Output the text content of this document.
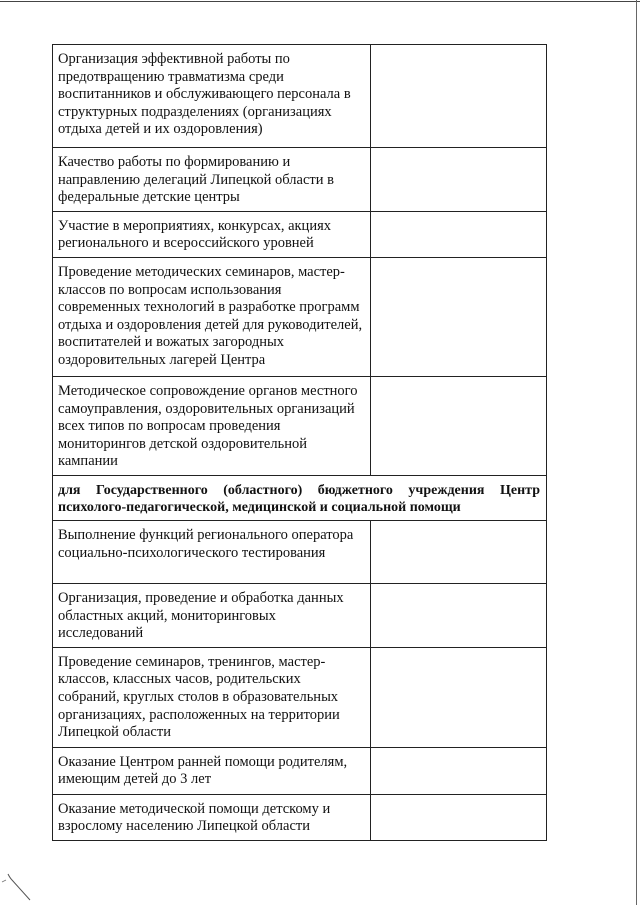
Организация эффективной работы по предотвращению травматизма среди воспитанников и обслуживающего персонала в структурных подразделениях (организациях отдыха детей и их оздоровления)	
Качество работы по формированию и направлению делегаций Липецкой области в федеральные детские центры	
Участие в мероприятиях, конкурсах, акциях регионального и всероссийского уровней	
Проведение методических семинаров, мастер-классов по вопросам использования современных технологий в разработке программ отдыха и оздоровления детей для руководителей, воспитателей и вожатых загородных оздоровительных лагерей Центра	
Методическое сопровождение органов местного самоуправления, оздоровительных организаций всех типов по вопросам проведения мониторингов детской оздоровительной кампании	
для Государственного (областного) бюджетного учреждения Центр психолого-педагогической, медицинской и социальной помощи	
Выполнение функций регионального оператора социально-психологического тестирования	
Организация, проведение и обработка данных областных акций, мониторинговых исследований	
Проведение семинаров, тренингов, мастер-классов, классных часов, родительских собраний, круглых столов в образовательных организациях, расположенных на территории Липецкой области	
Оказание Центром ранней помощи родителям, имеющим детей до 3 лет	
Оказание методической помощи детскому и взрослому населению Липецкой области	
